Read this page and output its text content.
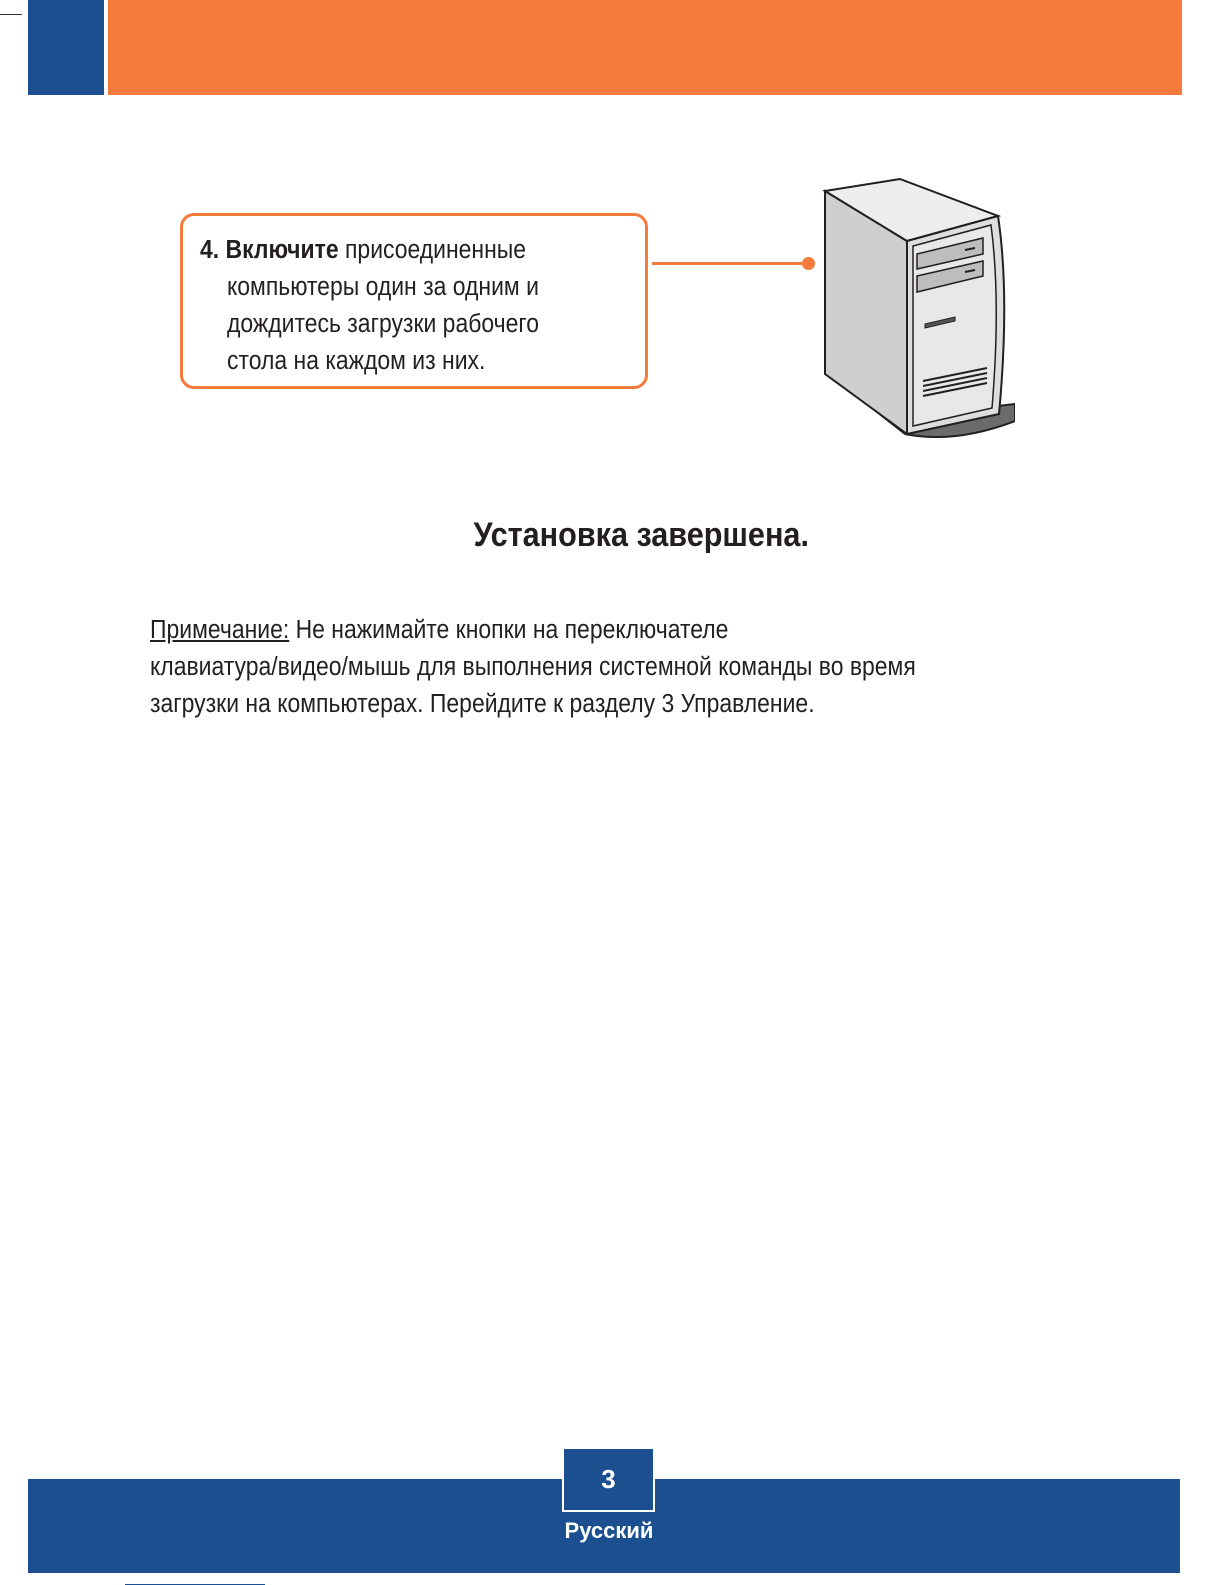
4. Включите присоединенные
компьютеры один за одним и
дождитесь загрузки рабочего
стола на каждом из них.
Установка завершена.
Примечание: Не нажимайте кнопки на переключателе
клавиатура/видео/мышь для выполнения системной команды во время
загрузки на компьютерах. Перейдите к разделу 3 Управление.
3
Русский
